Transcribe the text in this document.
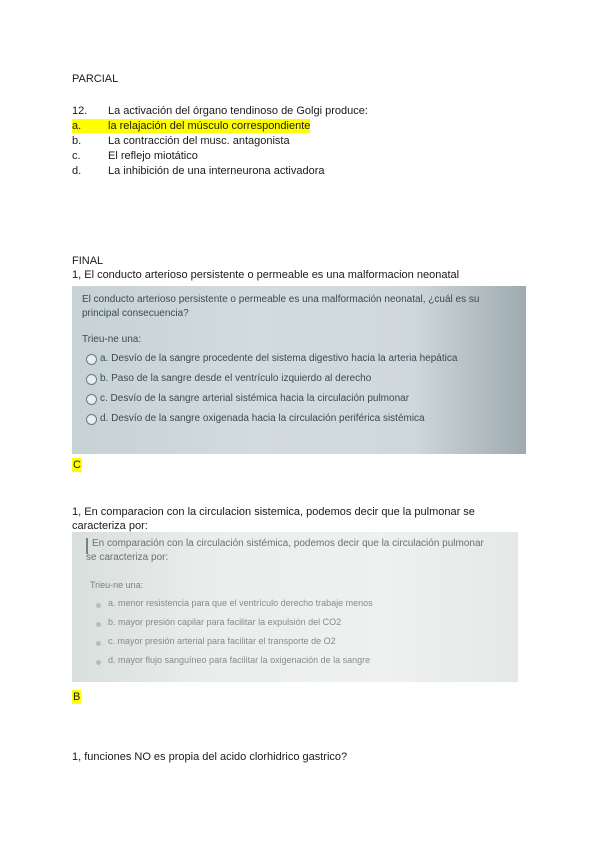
PARCIAL
12. La activación del órgano tendinoso de Golgi produce:
a.	la relajación del músculo correspondiente
b. La contracción del musc. antagonista
c. El reflejo miotático
d. La inhibición de una interneurona activadora
FINAL
1, El conducto arterioso persistente o permeable es una malformacion neonatal
El conducto arterioso persistente o permeable es una malformación neonatal, ¿cuál es su
principal consecuencia?
Trieu-ne una:
a. Desvío de la sangre procedente del sistema digestivo hacia la arteria hepática
b. Paso de la sangre desde el ventrículo izquierdo al derecho
c. Desvío de la sangre arterial sistémica hacia la circulación pulmonar
d. Desvío de la sangre oxigenada hacia la circulación periférica sistémica
C
1, En comparacion con la circulacion sistemica, podemos decir que la pulmonar se
caracteriza por:
En comparación con la circulación sistémica, podemos decir que la circulación pulmonar
se caracteriza por:
Trieu-ne una:
a. menor resistencia para que el ventrículo derecho trabaje menos
b. mayor presión capilar para facilitar la expulsión del CO2
c. mayor presión arterial para facilitar el transporte de O2
d. mayor flujo sanguíneo para facilitar la oxigenación de la sangre
B
1, funciones NO es propia del acido clorhidrico gastrico?
